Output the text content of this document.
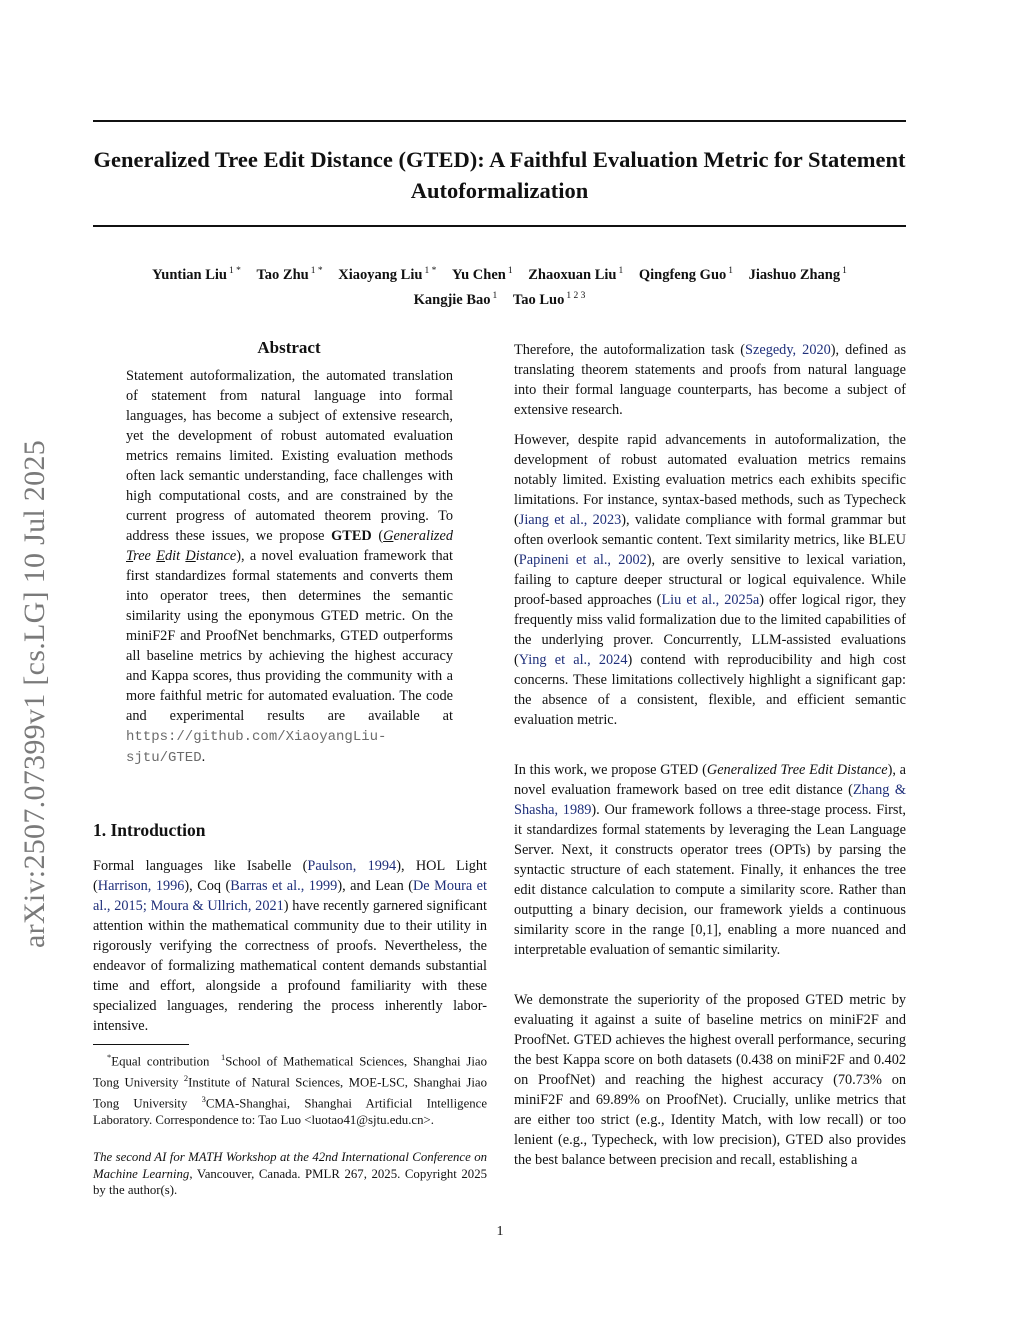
arXiv:2507.07399v1 [cs.LG] 10 Jul 2025
Generalized Tree Edit Distance (GTED): A Faithful Evaluation Metric for Statement Autoformalization
Yuntian Liu $^{1 *}$ Tao Zhu $^{1 *}$ Xiaoyang Liu $^{1 *}$ Yu Chen $^1$ Zhaoxuan Liu $^1$ Qingfeng Guo $^1$ Jiashuo Zhang $^1$
Kangjie Bao $^1$ Tao Luo $^{1 2 3}$
Abstract
Statement autoformalization, the automated translation of statement from natural language into formal languages, has become a subject of extensive research, yet the development of robust automated evaluation metrics remains limited. Existing evaluation methods often lack semantic understanding, face challenges with high computational costs, and are constrained by the current progress of automated theorem proving. To address these issues, we propose GTED (Generalized Tree Edit Distance), a novel evaluation framework that first standardizes formal statements and converts them into operator trees, then determines the semantic similarity using the eponymous GTED metric. On the miniF2F and ProofNet benchmarks, GTED outperforms all baseline metrics by achieving the highest accuracy and Kappa scores, thus providing the community with a more faithful metric for automated evaluation. The code and experimental results are available at https://github.com/XiaoyangLiu-sjtu/GTED.
1. Introduction
Formal languages like Isabelle (Paulson, 1994), HOL Light (Harrison, 1996), Coq (Barras et al., 1999), and Lean (De Moura et al., 2015; Moura & Ullrich, 2021) have recently garnered significant attention within the mathematical community due to their utility in rigorously verifying the correctness of proofs. Nevertheless, the endeavor of formalizing mathematical content demands substantial time and effort, alongside a profound familiarity with these specialized languages, rendering the process inherently labor-intensive.
*Equal contribution $^1$School of Mathematical Sciences, Shanghai Jiao Tong University $^2$Institute of Natural Sciences, MOE-LSC, Shanghai Jiao Tong University $^3$CMA-Shanghai, Shanghai Artificial Intelligence Laboratory. Correspondence to: Tao Luo <luotao41@sjtu.edu.cn>.
The second AI for MATH Workshop at the 42nd International Conference on Machine Learning, Vancouver, Canada. PMLR 267, 2025. Copyright 2025 by the author(s).
Therefore, the autoformalization task (Szegedy, 2020), defined as translating theorem statements and proofs from natural language into their formal language counterparts, has become a subject of extensive research.
However, despite rapid advancements in autoformalization, the development of robust automated evaluation metrics remains notably limited. Existing evaluation metrics each exhibits specific limitations. For instance, syntax-based methods, such as Typecheck (Jiang et al., 2023), validate compliance with formal grammar but often overlook semantic content. Text similarity metrics, like BLEU (Papineni et al., 2002), are overly sensitive to lexical variation, failing to capture deeper structural or logical equivalence. While proof-based approaches (Liu et al., 2025a) offer logical rigor, they frequently miss valid formalization due to the limited capabilities of the underlying prover. Concurrently, LLM-assisted evaluations (Ying et al., 2024) contend with reproducibility and high cost concerns. These limitations collectively highlight a significant gap: the absence of a consistent, flexible, and efficient semantic evaluation metric.
In this work, we propose GTED (Generalized Tree Edit Distance), a novel evaluation framework based on tree edit distance (Zhang & Shasha, 1989). Our framework follows a three-stage process. First, it standardizes formal statements by leveraging the Lean Language Server. Next, it constructs operator trees (OPTs) by parsing the syntactic structure of each statement. Finally, it enhances the tree edit distance calculation to compute a similarity score. Rather than outputting a binary decision, our framework yields a continuous similarity score in the range [0,1], enabling a more nuanced and interpretable evaluation of semantic similarity.
We demonstrate the superiority of the proposed GTED metric by evaluating it against a suite of baseline metrics on miniF2F and ProofNet. GTED achieves the highest overall performance, securing the best Kappa score on both datasets (0.438 on miniF2F and 0.402 on ProofNet) and reaching the highest accuracy (70.73% on miniF2F and 69.89% on ProofNet). Crucially, unlike metrics that are either too strict (e.g., Identity Match, with low recall) or too lenient (e.g., Typecheck, with low precision), GTED also provides the best balance between precision and recall, establishing a
1
